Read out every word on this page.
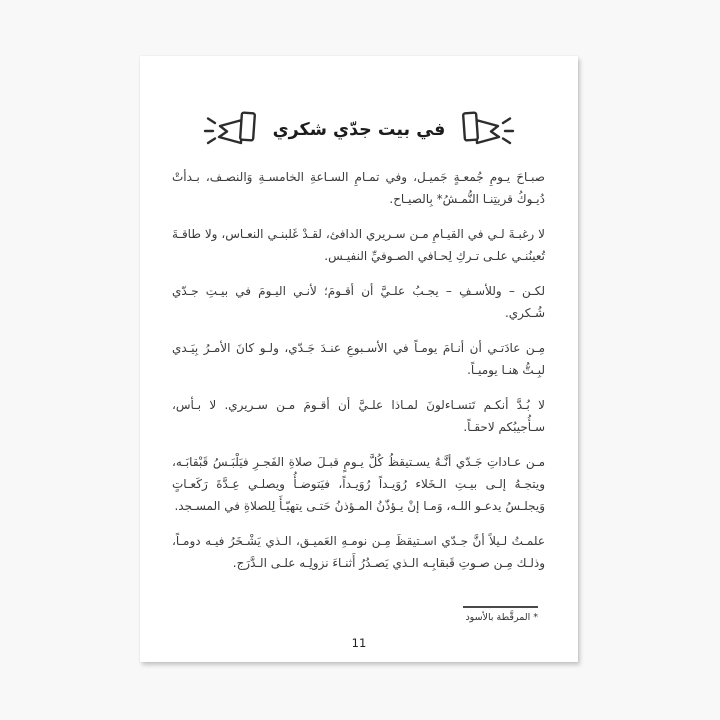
في بيت جدّي شكري

صبـاحَ يـومِ جُمعـةٍ جَميـل، وفي تمـامِ السـاعةِ الخامسـةِ وَالنصـف، بـدأتْ دُيـوكُ قريتِنـا النُّمـشُ* بِالصيـاح.

لا رغبـةَ لـي في القيـامِ مـن سـريري الدافئ، لقـدْ غَلبنـي النعـاس، ولا طاقـةَ تُعينُنـي علـى تـركِ لِحـافي الصـوفيِّ النفيـس.

لكـن – وللأسـفِ – يجـبُ علـيَّ أن أقـومَ؛ لأنـي اليـومَ في بيـتِ جـدّي شُـكري.

مِـن عادَتـي أن أنـامَ يومـاً في الأسـبوعِ عنـدَ جَـدّي، ولـو كانَ الأمـرُ بِيَـدي لبِـتُّ هنـا يوميـاً.

لا بُـدَّ أنكـم تَتسـاءلونَ لمـاذا علـيَّ أن أقـومَ مـن سـريري. لا بـأس، سـأُجيبُكم لاحقـاً.

مـن عـاداتِ جَـدّي أنَّـهُ يسـتيقظُ كُلَّ يـومٍ قبـلَ صلاةِ الفَجـرِ فيَلْبَـسُ قَبْقابَـه، ويتجـهُ إلـى بيـتِ الـخَلاء رُوَيـداً رُوَيـداً، فيَتوضـأُ ويصلـي عِـدَّةَ رَكَعـاتٍ وَيجلـسُ يدعـو اللـه، وَمـا إنْ يـؤذّنُ المـؤذنُ حَتـى يتهيّـأَ لِلصلاةِ في المسـجد.

علمـتُ لـيلاً أنَّ جـدّي اسـتيقظَ مِـن نومـهِ العَميـق، الـذي يَشْـخَرُ فيـه دومـاً، وذلـك مِـن صـوتِ قَبقابِـه الـذي يَصـدُرُ أَثنـاءَ نزولِـه علـى الـدَّرَج.

* المرقَّطة بالأسود
11
